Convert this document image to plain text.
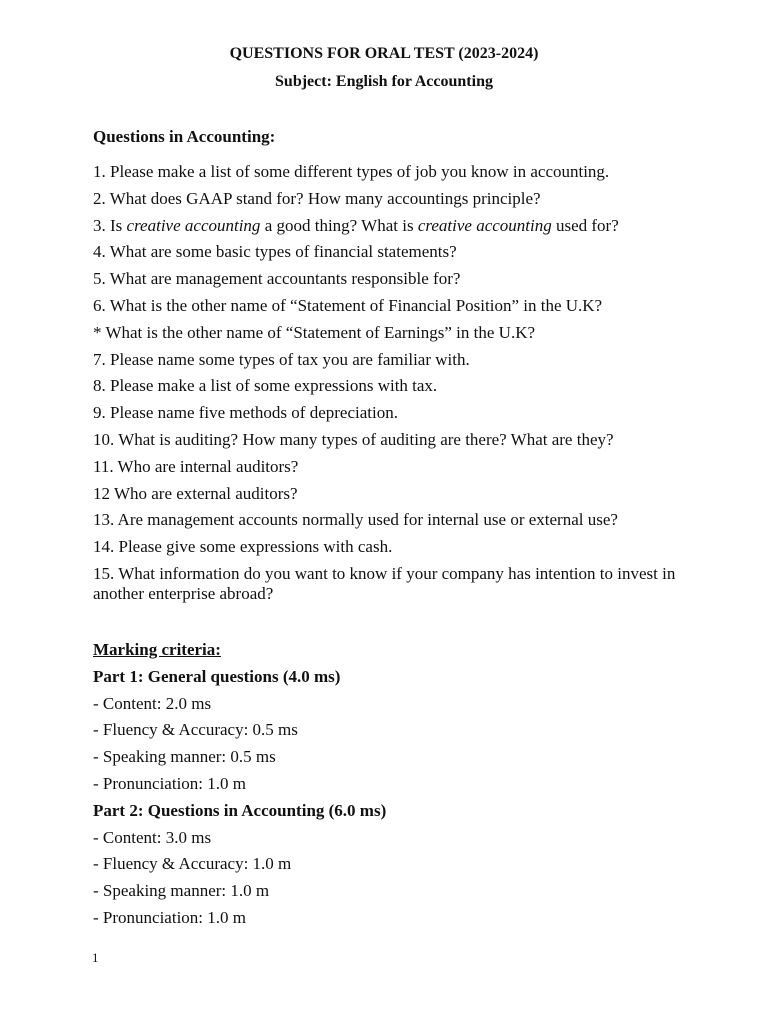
QUESTIONS FOR ORAL TEST (2023-2024)

Subject: English for Accounting

Questions in Accounting:

1. Please make a list of some different types of job you know in accounting.
2. What does GAAP stand for? How many accountings principle?
3. Is creative accounting a good thing? What is creative accounting used for?
4. What are some basic types of financial statements?
5. What are management accountants responsible for?
6. What is the other name of “Statement of Financial Position” in the U.K?
* What is the other name of “Statement of Earnings” in the U.K?
7. Please name some types of tax you are familiar with.
8. Please make a list of some expressions with tax.
9. Please name five methods of depreciation.
10. What is auditing? How many types of auditing are there? What are they?
11. Who are internal auditors?
12 Who are external auditors?
13. Are management accounts normally used for internal use or external use?
14. Please give some expressions with cash.
15. What information do you want to know if your company has intention to invest in another enterprise abroad?
Marking criteria:
Part 1: General questions (4.0 ms)
- Content: 2.0 ms
- Fluency & Accuracy: 0.5 ms
- Speaking manner: 0.5 ms
- Pronunciation: 1.0 m
Part 2: Questions in Accounting (6.0 ms)
- Content: 3.0 ms
- Fluency & Accuracy: 1.0 m
- Speaking manner: 1.0 m
- Pronunciation: 1.0 m
1
